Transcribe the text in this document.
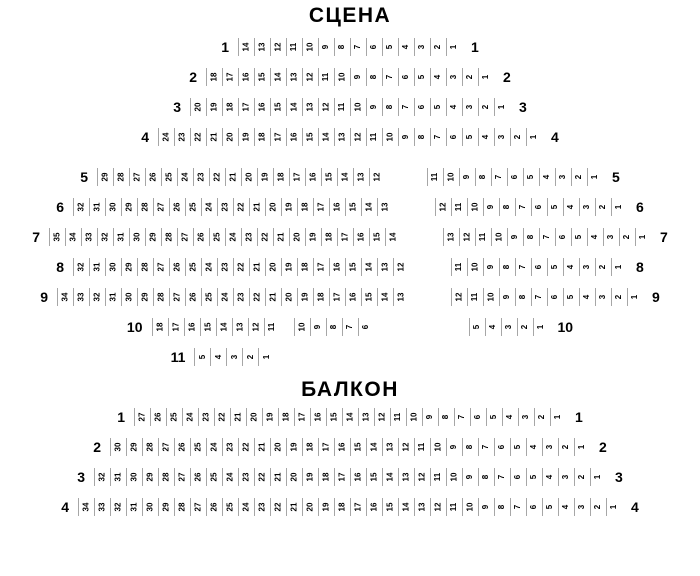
СЦЕНА
1 14 13 12 11 10 9 8 7 6 5 4 3 2 1 1
2 18 17 16 15 14 13 12 11 10 9 8 7 6 5 4 3 2 1 2
3 20 19 18 17 16 15 14 13 12 11 10 9 8 7 6 5 4 3 2 1 3
4 24 23 22 21 20 19 18 17 16 15 14 13 12 11 10 9 8 7 6 5 4 3 2 1 4
5 29 28 27 26 25 24 23 22 21 20 19 18 17 16 15 14 13 12	11 10 9 8 7 6 5 4 3 2 1 5
6 32 31 30 29 28 27 26 25 24 23 22 21 20 19 18 17 16 15 14 13	12 11 10 9 8 7 6 5 4 3 2 1 6
7 35 34 33 32 31 30 29 28 27 26 25 24 23 22 21 20 19 18 17 16 15 14	13 12 11 10 9 8 7 6 5 4 3 2 1 7
8 32 31 30 29 28 27 26 25 24 23 22 21 20 19 18 17 16 15 14 13 12	11 10 9 8 7 6 5 4 3 2 1 8
9 34 33 32 31 30 29 28 27 26 25 24 23 22 21 20 19 18 17 16 15 14 13	12 11 10 9 8 7 6 5 4 3 2 1 9
10 18 17 16 15 14 13 12 11	10 9 8 7 6	5 4 3 2 1 10
11 5 4 3 2 1
БАЛКОН
1 27 26 25 24 23 22 21 20 19 18 17 16 15 14 13 12 11 10 9 8 7 6 5 4 3 2 1 1
2 30 29 28 27 26 25 24 23 22 21 20 19 18 17 16 15 14 13 12 11 10 9 8 7 6 5 4 3 2 1 2
3 32 31 30 29 28 27 26 25 24 23 22 21 20 19 18 17 16 15 14 13 12 11 10 9 8 7 6 5 4 3 2 1 3
4 34 33 32 31 30 29 28 27 26 25 24 23 22 21 20 19 18 17 16 15 14 13 12 11 10 9 8 7 6 5 4 3 2 1 4
